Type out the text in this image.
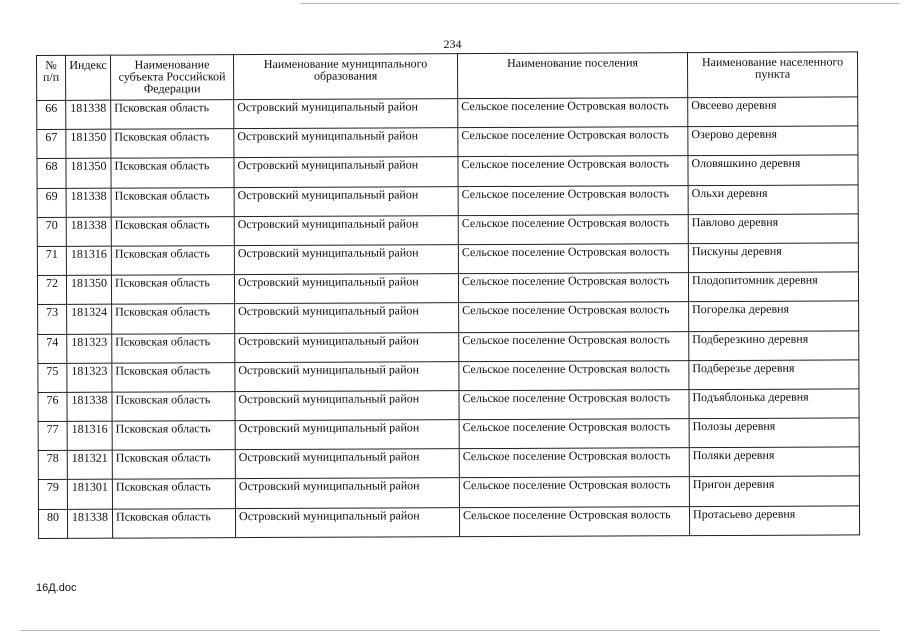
234
№ п/п	Индекс	Наименование субъекта Российской Федерации	Наименование муниципального образования	Наименование поселения	Наименование населенного пункта
66	181338	Псковская область	Островский муниципальный район	Сельское поселение Островская волость	Овсеево деревня
67	181350	Псковская область	Островский муниципальный район	Сельское поселение Островская волость	Озерово деревня
68	181350	Псковская область	Островский муниципальный район	Сельское поселение Островская волость	Оловяшкино деревня
69	181338	Псковская область	Островский муниципальный район	Сельское поселение Островская волость	Ольхи деревня
70	181338	Псковская область	Островский муниципальный район	Сельское поселение Островская волость	Павлово деревня
71	181316	Псковская область	Островский муниципальный район	Сельское поселение Островская волость	Пискуны деревня
72	181350	Псковская область	Островский муниципальный район	Сельское поселение Островская волость	Плодопитомник деревня
73	181324	Псковская область	Островский муниципальный район	Сельское поселение Островская волость	Погорелка деревня
74	181323	Псковская область	Островский муниципальный район	Сельское поселение Островская волость	Подберезкино деревня
75	181323	Псковская область	Островский муниципальный район	Сельское поселение Островская волость	Подберезье деревня
76	181338	Псковская область	Островский муниципальный район	Сельское поселение Островская волость	Подъяблонька деревня
77	181316	Псковская область	Островский муниципальный район	Сельское поселение Островская волость	Полозы деревня
78	181321	Псковская область	Островский муниципальный район	Сельское поселение Островская волость	Поляки деревня
79	181301	Псковская область	Островский муниципальный район	Сельское поселение Островская волость	Пригон деревня
80	181338	Псковская область	Островский муниципальный район	Сельское поселение Островская волость	Протасьево деревня
16Д.doc
